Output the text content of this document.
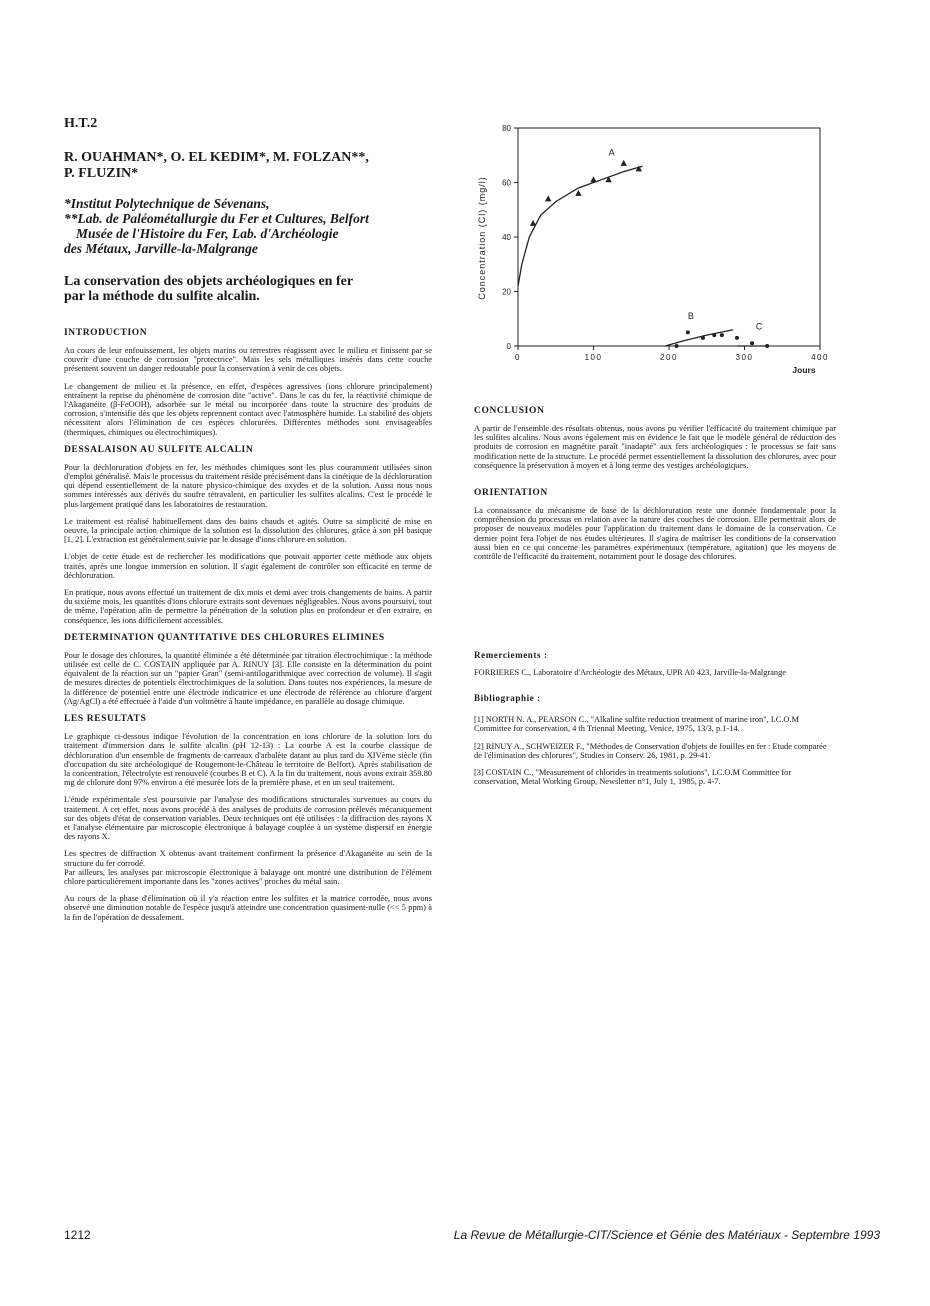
H.T.2
R. OUAHMAN*, O. EL KEDIM*, M. FOLZAN**,
P. FLUZIN*
*Institut Polytechnique de Sévenans,
**Lab. de Paléométallurgie du Fer et Cultures, Belfort
Musée de l'Histoire du Fer, Lab. d'Archéologie
des Métaux, Jarville-la-Malgrange
La conservation des objets archéologiques en fer
par la méthode du sulfite alcalin.
INTRODUCTION

Au cours de leur enfouissement, les objets marins ou terrestres réagissent avec le milieu et finissent par se couvrir d'une couche de corrosion "protectrice". Mais les sels métalliques insérés dans cette couche présentent souvent un danger redoutable pour la conservation à venir de ces objets.

Le changement de milieu et la présence, en effet, d'espèces agressives (ions chlorure principalement) entraînent la reprise du phénomène de corrosion dite "active". Dans le cas du fer, la réactivité chimique de l'Akaganéite (β-FeOOH), adsorbée sur le métal ou incorporée dans toute la structure des produits de corrosion, s'intensifie dès que les objets reprennent contact avec l'atmosphère humide. La stabilité des objets nécessitent alors l'élimination de ces espèces chlorurées. Différentes méthodes sont envisageables (thermiques, chimiques ou électrochimiques).

DESSALAISON AU SULFITE ALCALIN

Pour la déchloruration d'objets en fer, les méthodes chimiques sont les plus couramment utilisées sinon d'emploi généralisé. Mais le processus du traitement réside précisément dans la cinétique de la déchloruration qui dépend essentiellement de la nature physico-chimique des oxydes et de la solution. Aussi nous nous sommes intéressés aux dérivés du soufre tétravalent, en particulier les sulfites alcalins. C'est le procédé le plus largement pratiqué dans les laboratoires de restauration.

Le traitement est réalisé habituellement dans des bains chauds et agités. Outre sa simplicité de mise en oeuvre, la principale action chimique de la solution est la dissolution des chlorures, grâce à son pH basique [1, 2]. L'extraction est généralement suivie par le dosage d'ions chlorure en solution.

L'objet de cette étude est de rechercher les modifications que pouvait apporter cette méthode aux objets traités, après une longue immersion en solution. Il s'agit également de contrôler son efficacité en terme de déchloruration.

En pratique, nous avons effectué un traitement de dix mois et demi avec trois changements de bains. A partir du sixième mois, les quantités d'ions chlorure extraits sont devenues négligeables. Nous avons poursuivi, tout de même, l'opération afin de permettre la pénétration de la solution plus en profondeur et d'en extraire, en conséquence, les ions difficilement accessibles.

DETERMINATION QUANTITATIVE DES CHLORURES ELIMINES

Pour le dosage des chlorures, la quantité éliminée a été déterminée par titration électrochimique : la méthode utilisée est celle de C. COSTAIN appliquée par A. RINUY [3]. Elle consiste en la détermination du point équivalent de la réaction sur un "papier Gran" (semi-antilogarithmique avec correction de volume). Il s'agit de mesures directes de potentiels électrochimiques de la solution. Dans toutes nos expériences, la mesure de la différence de potentiel entre une électrode indicatrice et une électrode de référence au chlorure d'argent (Ag/AgCl) a été effectuée à l'aide d'un voltmètre à haute impédance, en parallèle au dosage chimique.

LES RESULTATS

Le graphique ci-dessous indique l'évolution de la concentration en ions chlorure de la solution lors du traitement d'immersion dans le sulfite alcalin (pH 12-13) : La courbe A est la courbe classique de déchloruration d'un ensemble de fragments de carreaux d'arbalète datant au plus tard du XIVème siècle (fin d'occupation du site archéologique de Rougemont-le-Château le territoire de Belfort). Après stabilisation de la concentration, l'électrolyte est renouvelé (courbes B et C). A la fin du traitement, nous avons extrait 359.80 mg de chlorure dont 97% environ a été mesurée lors de la première phase, et en un seul traitement.

L'étude expérimentale s'est poursuivie par l'analyse des modifications structurales survenues au cours du traitement. A cet effet, nous avons procédé à des analyses de produits de corrosion prélevés mécaniquement sur des objets d'état de conservation variables. Deux techniques ont été utilisées : la diffraction des rayons X et l'analyse élémentaire par microscopie électronique à balayage couplée à un système dispersif en énergie des rayons X.

Les spectres de diffraction X obtenus avant traitement confirment la présence d'Akaganéite au sein de la structure du fer corrodé.

Par ailleurs, les analyses par microscopie électronique à balayage ont montré une distribution de l'élément chlore particulièrement importante dans les "zones actives" proches du métal sain.

Au cours de la phase d'élimination où il y'a réaction entre les sulfites et la matrice corrodée, nous avons observé une diminution notable de l'espèce jusqu'à atteindre une concentration quasiment-nulle (<< 5 ppm) à la fin de l'opération de dessalement.

0
20
40
60
80
0	100	200	300	400
A
B
C
Concentration (Cl) (mg/l)
Jours
CONCLUSION

A partir de l'ensemble des résultats obtenus, nous avons pu vérifier l'efficacité du traitement chimique par les sulfites alcalins. Nous avons également mis en évidence le fait que le modèle général de réduction des produits de corrosion en magnétite paraît "inadapté" aux fers archéologiques : le processus se fait sans modification nette de la structure. Le procédé permet essentiellement la dissolution des chlorures, avec pour conséquence la préservation à moyen et à long terme des vestiges archéologiques.

ORIENTATION

La connaissance du mécanisme de base de la déchloruration reste une donnée fondamentale pour la compréhension du processus en relation avec la nature des couches de corrosion. Elle permettrait alors de proposer de nouveaux modèles pour l'application du traitement dans le domaine de la conservation. Ce dernier point fera l'objet de nos études ultérieures. Il s'agira de maîtriser les conditions de la conservation aussi bien en ce qui concerne les paramètres expérimentaux (température, agitation) que les moyens de contrôle de l'efficacité du traitement, notamment pour le dosage des chlorures.

Remerciements :

FORRIERES C., Laboratoire d'Archéologie des Métaux, UPR A0 423, Jarville-la-Malgrange

Bibliographie :

[1] NORTH N. A., PEARSON C., "Alkaline sulfite reduction treatment of marine iron", I.C.O.M Committee for conservation, 4 th Triennal Meeting, Venice, 1975, 13/3, p.1-14.

[2] RINUY A., SCHWEIZER F., "Méthodes de Conservation d'objets de fouilles en fer : Etude comparée de l'élimination des chlorures", Studies in Conserv. 26, 1981, p. 29-41.

[3] COSTAIN C., "Measurement of chlorides in treatments solutions", I.C.O.M Committee for conservation, Metal Working Group, Newsletter n°1, July 1, 1985, p. 4-7.

1212	La Revue de Métallurgie-CIT/Science et Génie des Matériaux - Septembre 1993
